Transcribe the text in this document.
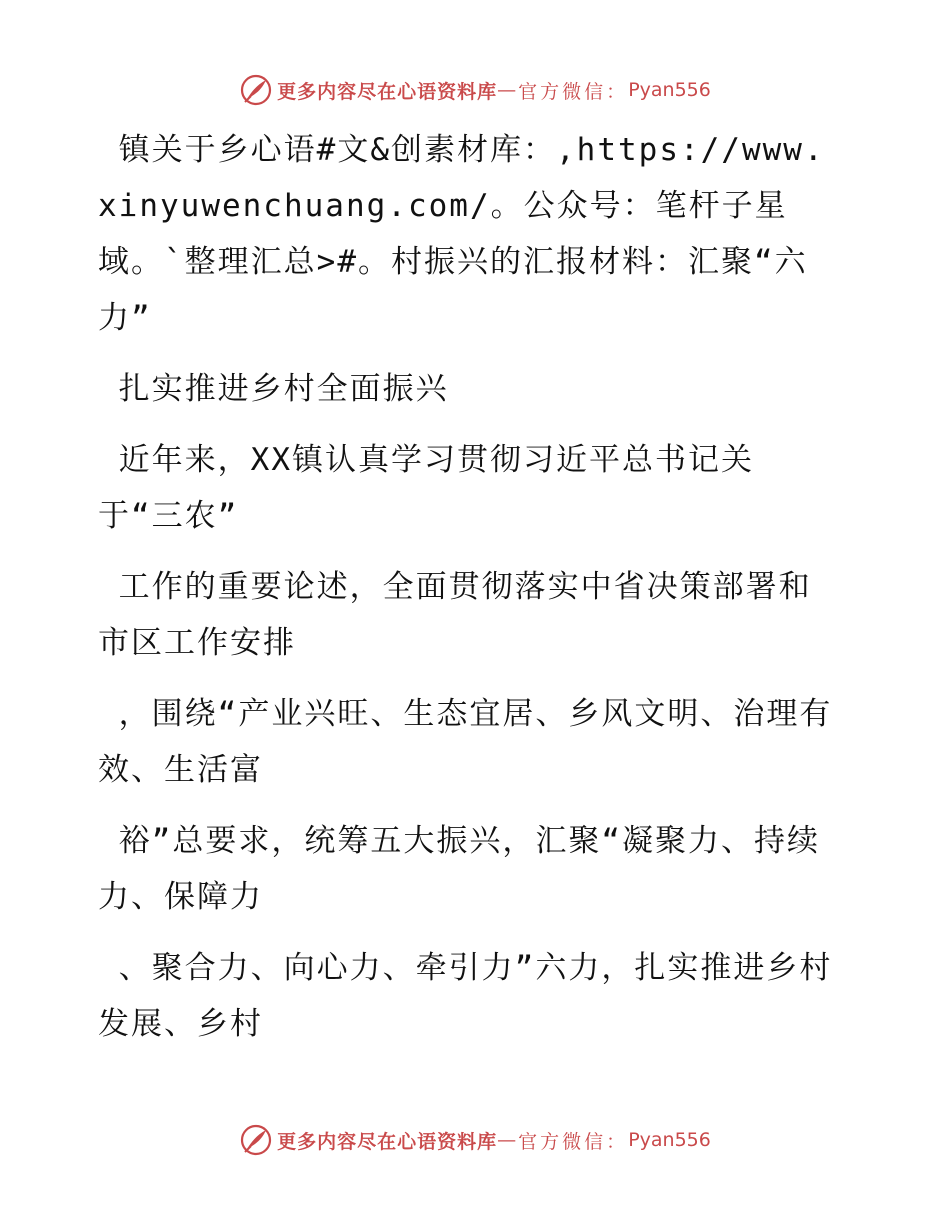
更多内容尽在心语资料库 — 官方微信： Pyan556

镇关于乡心语#文&创素材库：,https://www.xinyuwenchuang.com/。公众号：笔杆子星域。`整理汇总>#。村振兴的汇报材料：汇聚“六力”

扎实推进乡村全面振兴

近年来，XX镇认真学习贯彻习近平总书记关于“三农”

工作的重要论述，全面贯彻落实中省决策部署和市区工作安排

，围绕“产业兴旺、生态宜居、乡风文明、治理有效、生活富

裕”总要求，统筹五大振兴，汇聚“凝聚力、持续力、保障力

、聚合力、向心力、牵引力”六力，扎实推进乡村发展、乡村

更多内容尽在心语资料库 — 官方微信： Pyan556
